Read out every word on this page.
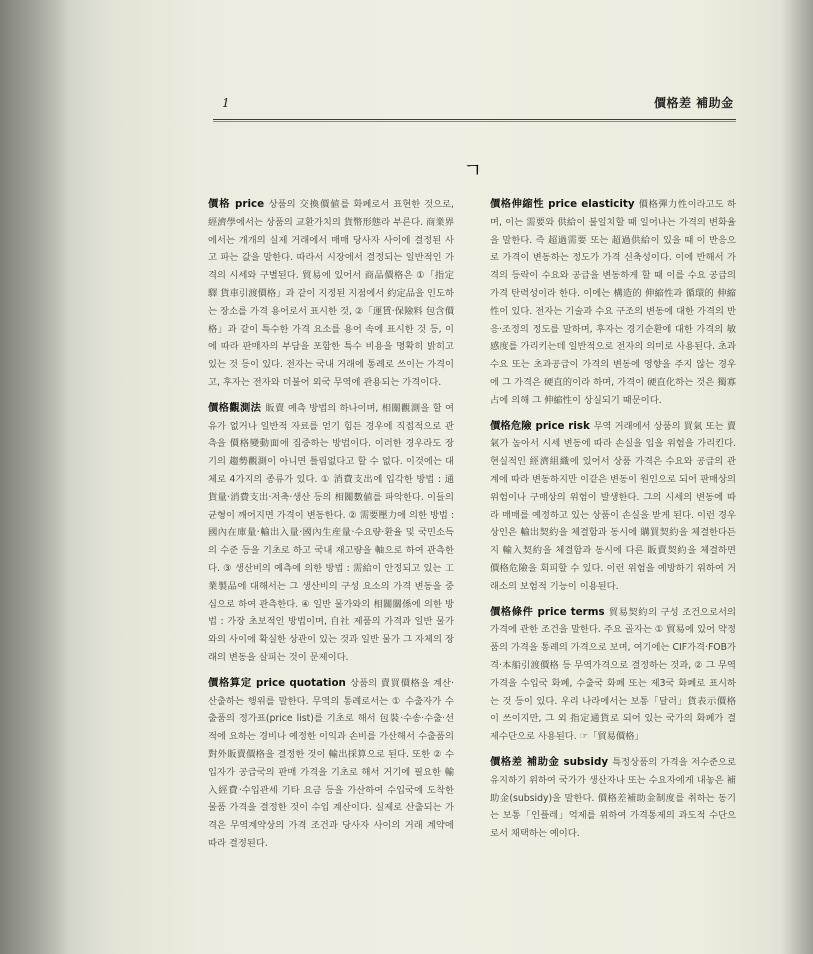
1	價格差 補助金
ㄱ

價格 price 상품의 交換價値를 화폐로서 표현한 것으로, 經濟學에서는 상품의 교환가치의 貨幣形態라 부른다. 商業界에서는 개개의 실제 거래에서 매매 당사자 사이에 결정된 사고 파는 값을 말한다. 따라서 시장에서 결정되는 일반적인 가격의 시세와 구별된다. 貿易에 있어서 商品價格은 ①「指定驛 貨車引渡價格」과 같이 지정된 지점에서 約定品을 인도하는 장소를 가격 용어로서 표시한 것, ②「運賃·保險料 包含價格」과 같이 특수한 가격 요소를 용어 속에 표시한 것 등, 이에 따라 판매자의 부담을 포함한 특수 비용을 명확히 밝히고 있는 것 등이 있다. 전자는 국내 거래에 통례로 쓰이는 가격이고, 후자는 전자와 더불어 외국 무역에 관용되는 가격이다.

價格觀測法 販賣 예측 방법의 하나이며, 相關觀測을 할 여유가 없거나 일반적 자료를 얻기 힘든 경우에 직접적으로 관측을 價格變動面에 집중하는 방법이다. 이러한 경우라도 장기의 趨勢觀測이 아니면 틀림없다고 할 수 없다. 이것에는 대체로 4가지의 종류가 있다. ① 消費支出에 입각한 방법 : 通貨量·消費支出·저축·생산 등의 相關數値를 파악한다. 이들의 균형이 깨어지면 가격이 변동한다. ② 需要壓力에 의한 방법 : 國內在庫量·輸出入量·國內生産量·수요량·환율 및 국민소득의 수준 등을 기초로 하고 국내 재고량을 軸으로 하여 관측한다. ③ 생산비의 예측에 의한 방법 : 需給이 안정되고 있는 工業製品에 대해서는 그 생산비의 구성 요소의 가격 변동을 중심으로 하여 관측한다. ④ 일반 물가와의 相關關係에 의한 방법 : 가장 초보적인 방법이며, 自社 제품의 가격과 일반 물가와의 사이에 확실한 상관이 있는 것과 일반 물가 그 자체의 장래의 변동을 살피는 것이 문제이다.

價格算定 price quotation 상품의 賣買價格을 계산·산출하는 행위를 말한다. 무역의 통례로서는 ① 수출자가 수출품의 정가표(price list)를 기초로 해서 包裝·수송·수출·선적에 요하는 경비나 예정한 이익과 손비를 가산해서 수출품의 對外販賣價格을 결정한 것이 輸出採算으로 된다. 또한 ② 수입자가 공급국의 판매 가격을 기초로 해서 거기에 필요한 輸入經費·수입관세 기타 요금 등을 가산하여 수입국에 도착한 물품 가격을 결정한 것이 수입 계산이다. 실제로 산출되는 가격은 무역계약상의 가격 조건과 당사자 사이의 거래 계약에 따라 결정된다.

價格伸縮性 price elasticity 價格彈力性이라고도 하며, 이는 需要와 供給이 불일치할 때 일어나는 가격의 변화율을 말한다. 즉 超過需要 또는 超過供給이 있을 때 이 반응으로 가격이 변동하는 정도가 가격 신축성이다. 이에 반해서 가격의 등락이 수요와 공급을 변동하게 할 때 이를 수요 공급의 가격 탄력성이라 한다. 이에는 構造的 伸縮性과 循環的 伸縮性이 있다. 전자는 기술과 수요 구조의 변동에 대한 가격의 반응·조정의 정도를 말하며, 후자는 경기순환에 대한 가격의 敏感度를 가리키는데 일반적으로 전자의 의미로 사용된다. 초과수요 또는 초과공급이 가격의 변동에 영향을 주지 않는 경우에 그 가격은 硬直的이라 하며, 가격이 硬直化하는 것은 獨寡占에 의해 그 伸縮性이 상실되기 때문이다.

價格危險 price risk 무역 거래에서 상품의 買氣 또는 賣氣가 높아서 시세 변동에 따라 손실을 입을 위험을 가리킨다. 현실적인 經濟組織에 있어서 상품 가격은 수요와 공급의 관계에 따라 변동하지만 이같은 변동이 원인으로 되어 판매상의 위험이나 구매상의 위험이 발생한다. 그의 시세의 변동에 따라 매매를 예정하고 있는 상품이 손실을 받게 된다. 이런 경우 상인은 輸出契約을 체결함과 동시에 購買契約을 체결한다든지 輸入契約을 체결함과 동시에 다른 販賣契約을 체결하면 價格危險을 회피할 수 있다. 이런 위험을 예방하기 위하여 거래소의 보험적 기능이 이용된다.

價格條件 price terms 貿易契約의 구성 조건으로서의 가격에 관한 조건을 말한다. 주요 골자는 ① 貿易에 있어 약정품의 가격을 통례의 가격으로 보며, 여기에는 CIF가격·FOB가격·本船引渡價格 등 무역가격으로 결정하는 것과, ② 그 무역가격을 수입국 화폐, 수출국 화폐 또는 제3국 화폐로 표시하는 것 등이 있다. 우리 나라에서는 보통「달러」貨表示價格이 쓰이지만, 그 외 指定通貨로 되어 있는 국가의 화폐가 결제수단으로 사용된다. ☞「貿易價格」

價格差 補助金 subsidy 특정상품의 가격을 저수준으로 유지하기 위하여 국가가 생산자나 또는 수요자에게 내놓은 補助金(subsidy)을 말한다. 價格差補助金制度를 취하는 동기는 보통「인플레」억제를 위하여 가격통제의 과도적 수단으로서 채택하는 예이다.
